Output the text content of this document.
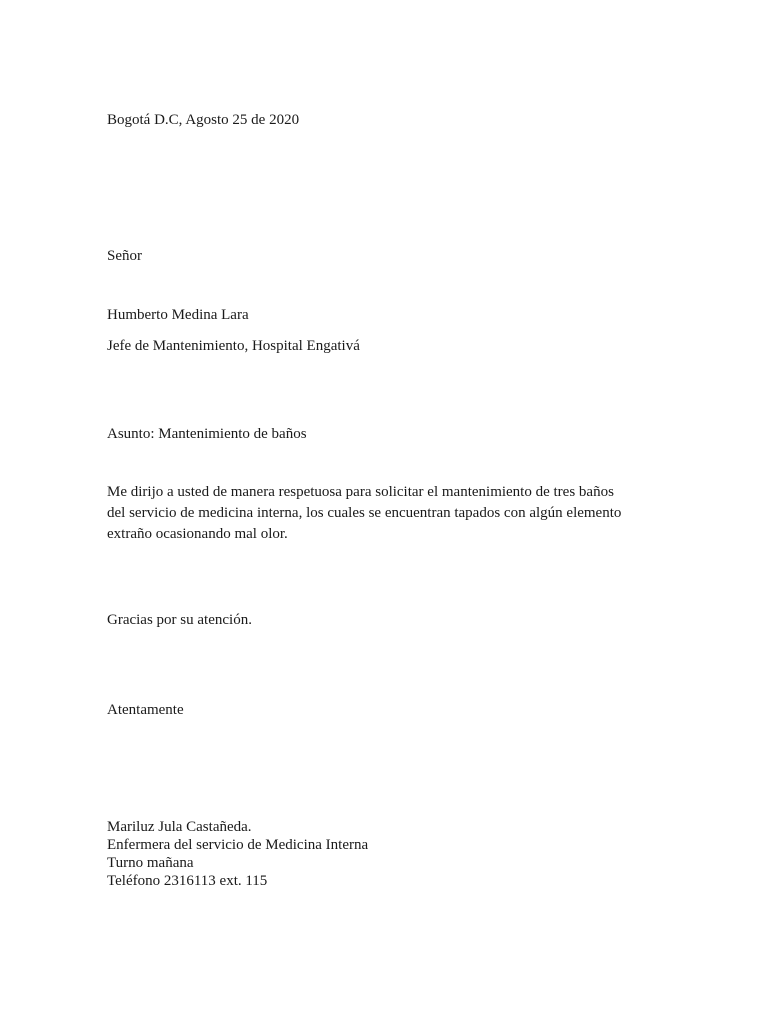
Bogotá D.C, Agosto 25 de 2020
Señor
Humberto Medina Lara
Jefe de Mantenimiento, Hospital Engativá
Asunto: Mantenimiento de baños

Me dirijo a usted de manera respetuosa para solicitar el mantenimiento de tres baños

del servicio de medicina interna, los cuales se encuentran tapados con algún elemento

extraño ocasionando mal olor.

Gracias por su atención.
Atentamente
Mariluz Jula Castañeda.
Enfermera del servicio de Medicina Interna
Turno mañana
Teléfono 2316113 ext. 115
